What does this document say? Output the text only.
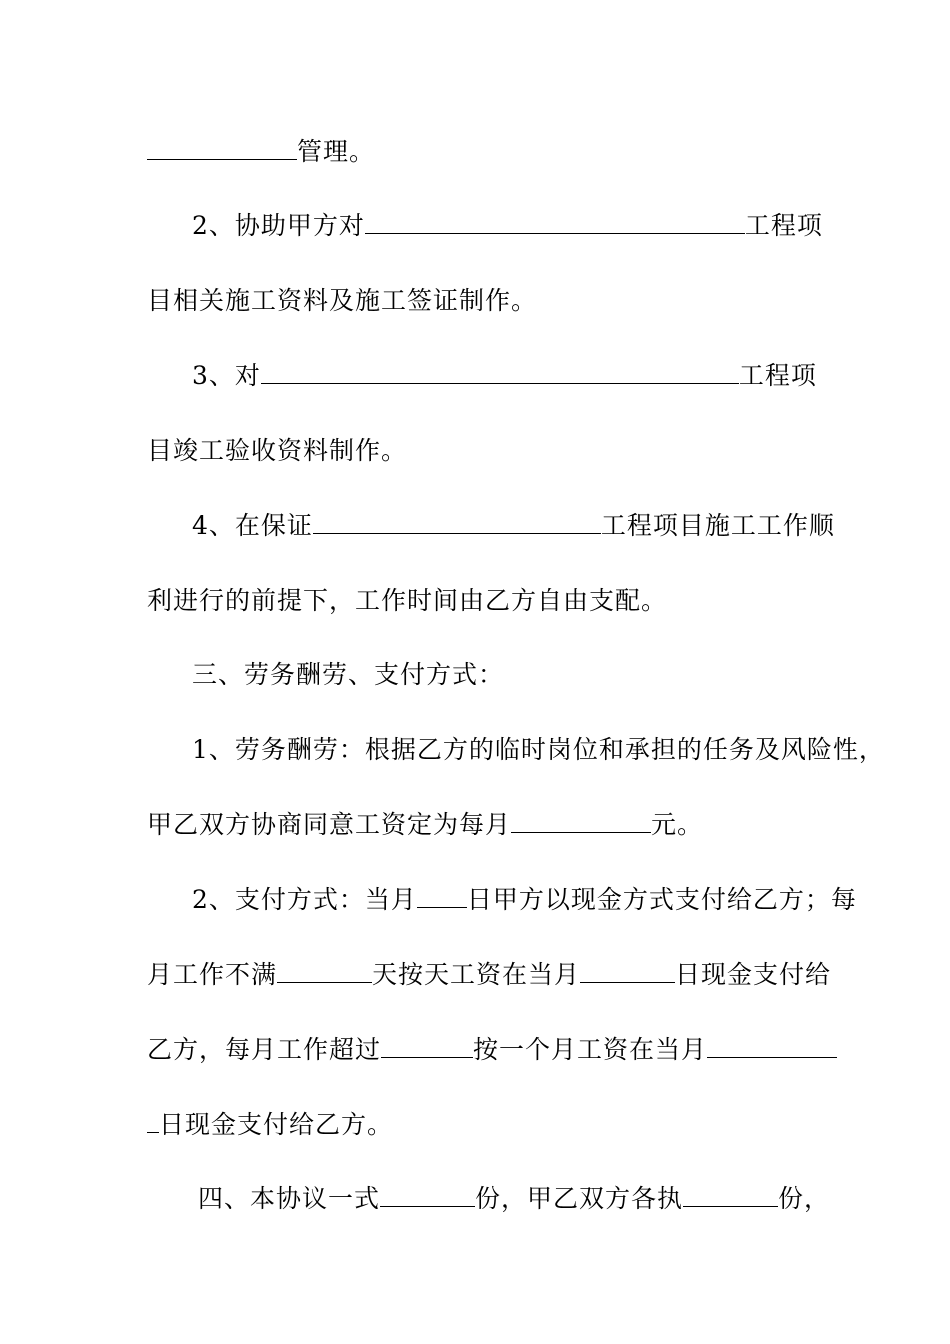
管理。
2、协助甲方对	工程项
目相关施工资料及施工签证制作。
3、对	工程项
目竣工验收资料制作。
4、在保证	工程项目施工工作顺
利进行的前提下，工作时间由乙方自由支配。
三、劳务酬劳、支付方式：
1、劳务酬劳：根据乙方的临时岗位和承担的任务及风险性，
甲乙双方协商同意工资定为每月	元。
2、支付方式：当月 日甲方以现金方式支付给乙方；每
月工作不满	天按天工资在当月	日现金支付给
乙方，每月工作超过	按一个月工资在当月
日现金支付给乙方。
四、本协议一式	份，甲乙双方各执	份，
